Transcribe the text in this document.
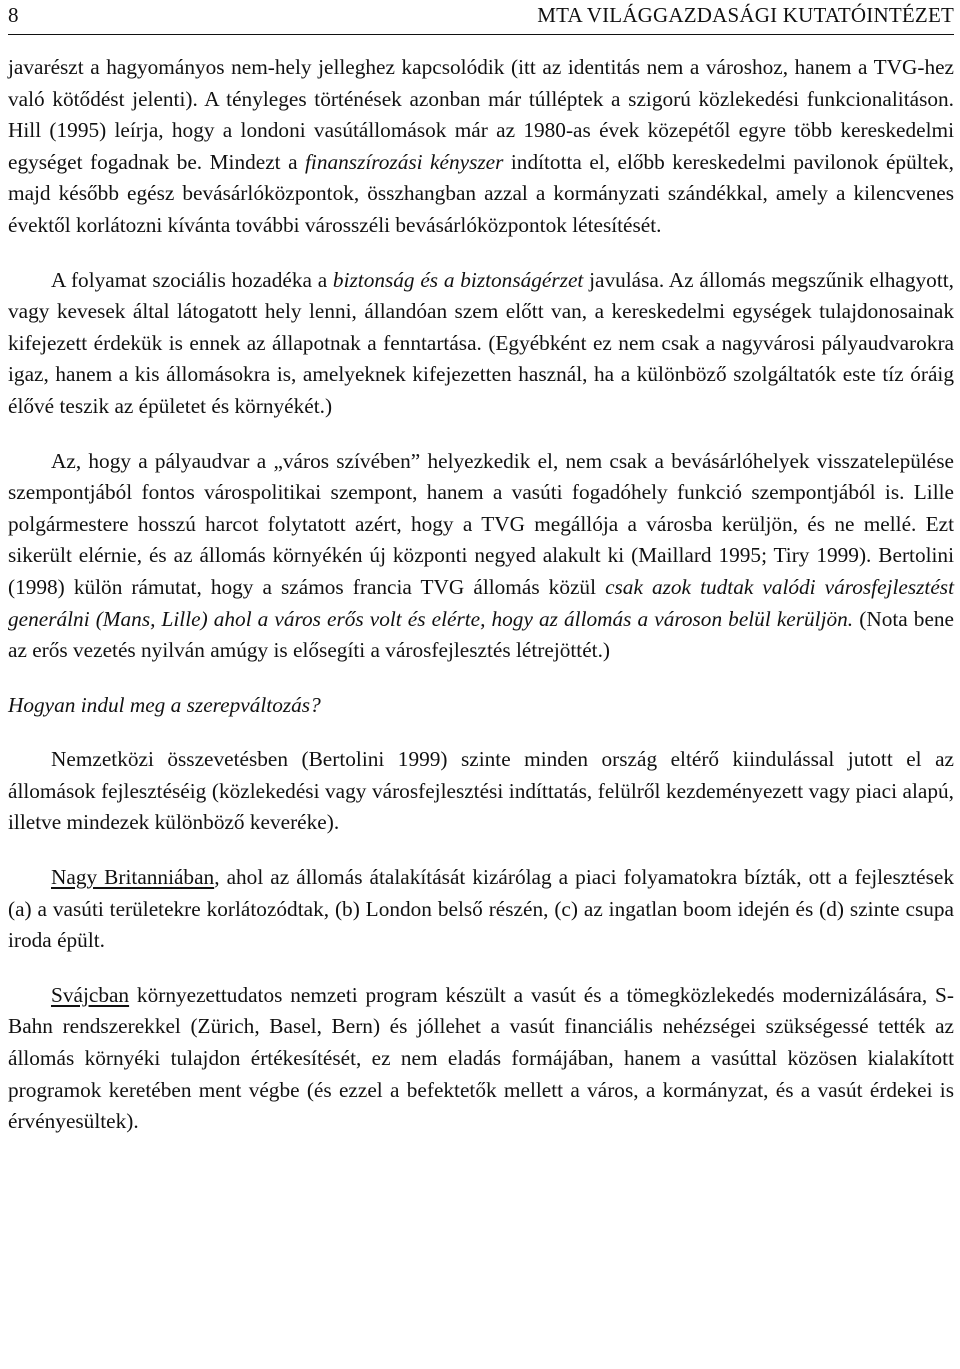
8	MTA VILÁGGAZDASÁGI KUTATÓINTÉZET

javarészt a hagyományos nem-hely jelleghez kapcsolódik (itt az identitás nem a városhoz, hanem a TVG-hez való kötődést jelenti). A tényleges történések azonban már túlléptek a szigorú közlekedési funkcionalitáson. Hill (1995) leírja, hogy a londoni vasútállomások már az 1980-as évek közepétől egyre több kereskedelmi egységet fogadnak be. Mindezt a finanszírozási kényszer indította el, előbb kereskedelmi pavilonok épültek, majd később egész bevásárlóközpontok, összhangban azzal a kormányzati szándékkal, amely a kilencvenes évektől korlátozni kívánta további városszéli bevásárlóközpontok létesítését.

A folyamat szociális hozadéka a biztonság és a biztonságérzet javulása. Az állomás megszűnik elhagyott, vagy kevesek által látogatott hely lenni, állandóan szem előtt van, a kereskedelmi egységek tulajdonosainak kifejezett érdekük is ennek az állapotnak a fenntartása. (Egyébként ez nem csak a nagyvárosi pályaudvarokra igaz, hanem a kis állomásokra is, amelyeknek kifejezetten használ, ha a különböző szolgáltatók este tíz óráig élővé teszik az épületet és környékét.)

Az, hogy a pályaudvar a „város szívében” helyezkedik el, nem csak a bevásárlóhelyek visszatelepülése szempontjából fontos várospolitikai szempont, hanem a vasúti fogadóhely funkció szempontjából is. Lille polgármestere hosszú harcot folytatott azért, hogy a TVG megállója a városba kerüljön, és ne mellé. Ezt sikerült elérnie, és az állomás környékén új központi negyed alakult ki (Maillard 1995; Tiry 1999). Bertolini (1998) külön rámutat, hogy a számos francia TVG állomás közül csak azok tudtak valódi városfejlesztést generálni (Mans, Lille) ahol a város erős volt és elérte, hogy az állomás a városon belül kerüljön. (Nota bene az erős vezetés nyilván amúgy is elősegíti a városfejlesztés létrejöttét.)

Hogyan indul meg a szerepváltozás?

Nemzetközi összevetésben (Bertolini 1999) szinte minden ország eltérő kiindulással jutott el az állomások fejlesztéséig (közlekedési vagy városfejlesztési indíttatás, felülről kezdeményezett vagy piaci alapú, illetve mindezek különböző keveréke).

Nagy Britanniában, ahol az állomás átalakítását kizárólag a piaci folyamatokra bízták, ott a fejlesztések (a) a vasúti területekre korlátozódtak, (b) London belső részén, (c) az ingatlan boom idején és (d) szinte csupa iroda épült.

Svájcban környezettudatos nemzeti program készült a vasút és a tömegközlekedés modernizálására, S-Bahn rendszerekkel (Zürich, Basel, Bern) és jóllehet a vasút financiális nehézségei szükségessé tették az állomás környéki tulajdon értékesítését, ez nem eladás formájában, hanem a vasúttal közösen kialakított programok keretében ment végbe (és ezzel a befektetők mellett a város, a kormányzat, és a vasút érdekei is érvényesültek).
